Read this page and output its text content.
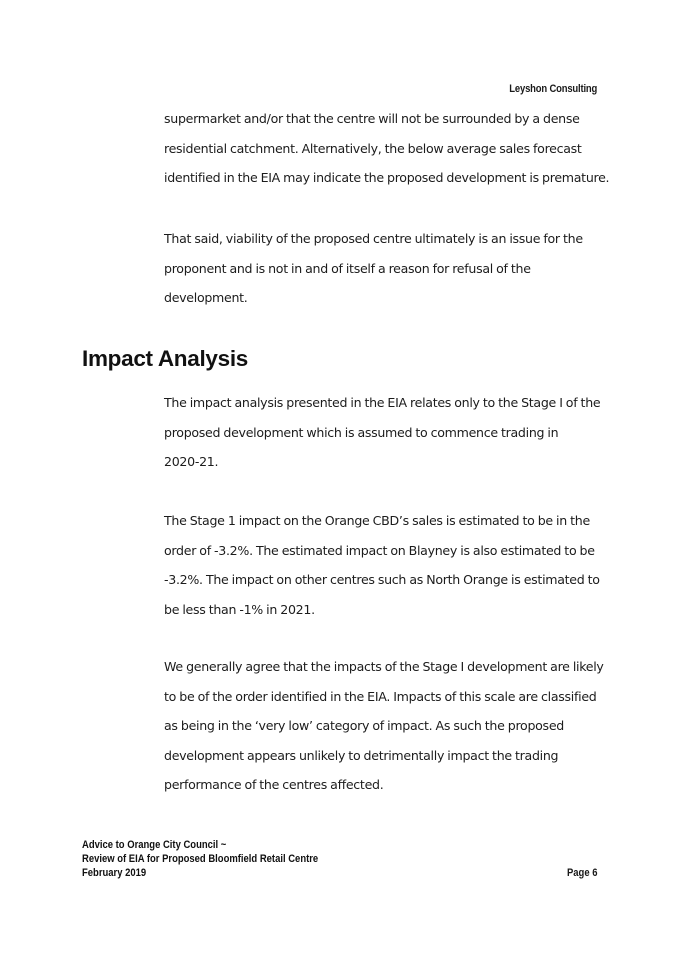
Leyshon Consulting

supermarket and/or that the centre will not be surrounded by a dense
residential catchment. Alternatively, the below average sales forecast
identified in the EIA may indicate the proposed development is premature.

That said, viability of the proposed centre ultimately is an issue for the
proponent and is not in and of itself a reason for refusal of the
development.

Impact Analysis

The impact analysis presented in the EIA relates only to the Stage I of the
proposed development which is assumed to commence trading in
2020-21.

The Stage 1 impact on the Orange CBD’s sales is estimated to be in the
order of -3.2%. The estimated impact on Blayney is also estimated to be
-3.2%. The impact on other centres such as North Orange is estimated to
be less than -1% in 2021.

We generally agree that the impacts of the Stage I development are likely
to be of the order identified in the EIA. Impacts of this scale are classified
as being in the ‘very low’ category of impact. As such the proposed
development appears unlikely to detrimentally impact the trading
performance of the centres affected.

Advice to Orange City Council ~
Review of EIA for Proposed Bloomfield Retail Centre
February 2019	Page 6
